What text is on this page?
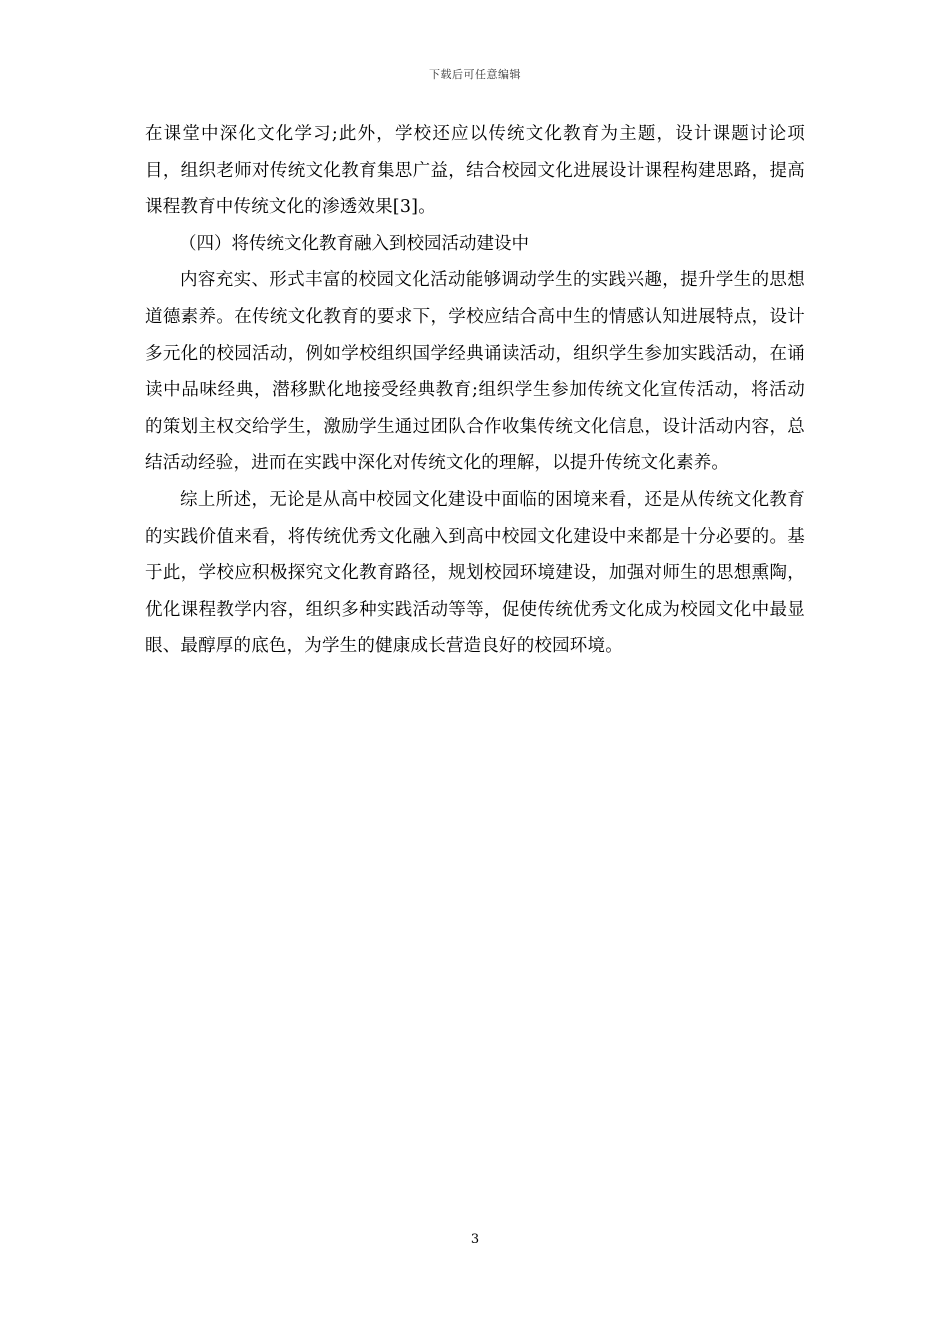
下载后可任意编辑

在课堂中深化文化学习;此外，学校还应以传统文化教育为主题，设计课题讨论项目，组织老师对传统文化教育集思广益，结合校园文化进展设计课程构建思路，提高课程教育中传统文化的渗透效果[3]。

（四）将传统文化教育融入到校园活动建设中

内容充实、形式丰富的校园文化活动能够调动学生的实践兴趣，提升学生的思想道德素养。在传统文化教育的要求下，学校应结合高中生的情感认知进展特点，设计多元化的校园活动，例如学校组织国学经典诵读活动，组织学生参加实践活动，在诵读中品味经典，潜移默化地接受经典教育;组织学生参加传统文化宣传活动，将活动的策划主权交给学生，激励学生通过团队合作收集传统文化信息，设计活动内容，总结活动经验，进而在实践中深化对传统文化的理解，以提升传统文化素养。

综上所述，无论是从高中校园文化建设中面临的困境来看，还是从传统文化教育的实践价值来看，将传统优秀文化融入到高中校园文化建设中来都是十分必要的。基于此，学校应积极探究文化教育路径，规划校园环境建设，加强对师生的思想熏陶，优化课程教学内容，组织多种实践活动等等，促使传统优秀文化成为校园文化中最显眼、最醇厚的底色，为学生的健康成长营造良好的校园环境。

3
